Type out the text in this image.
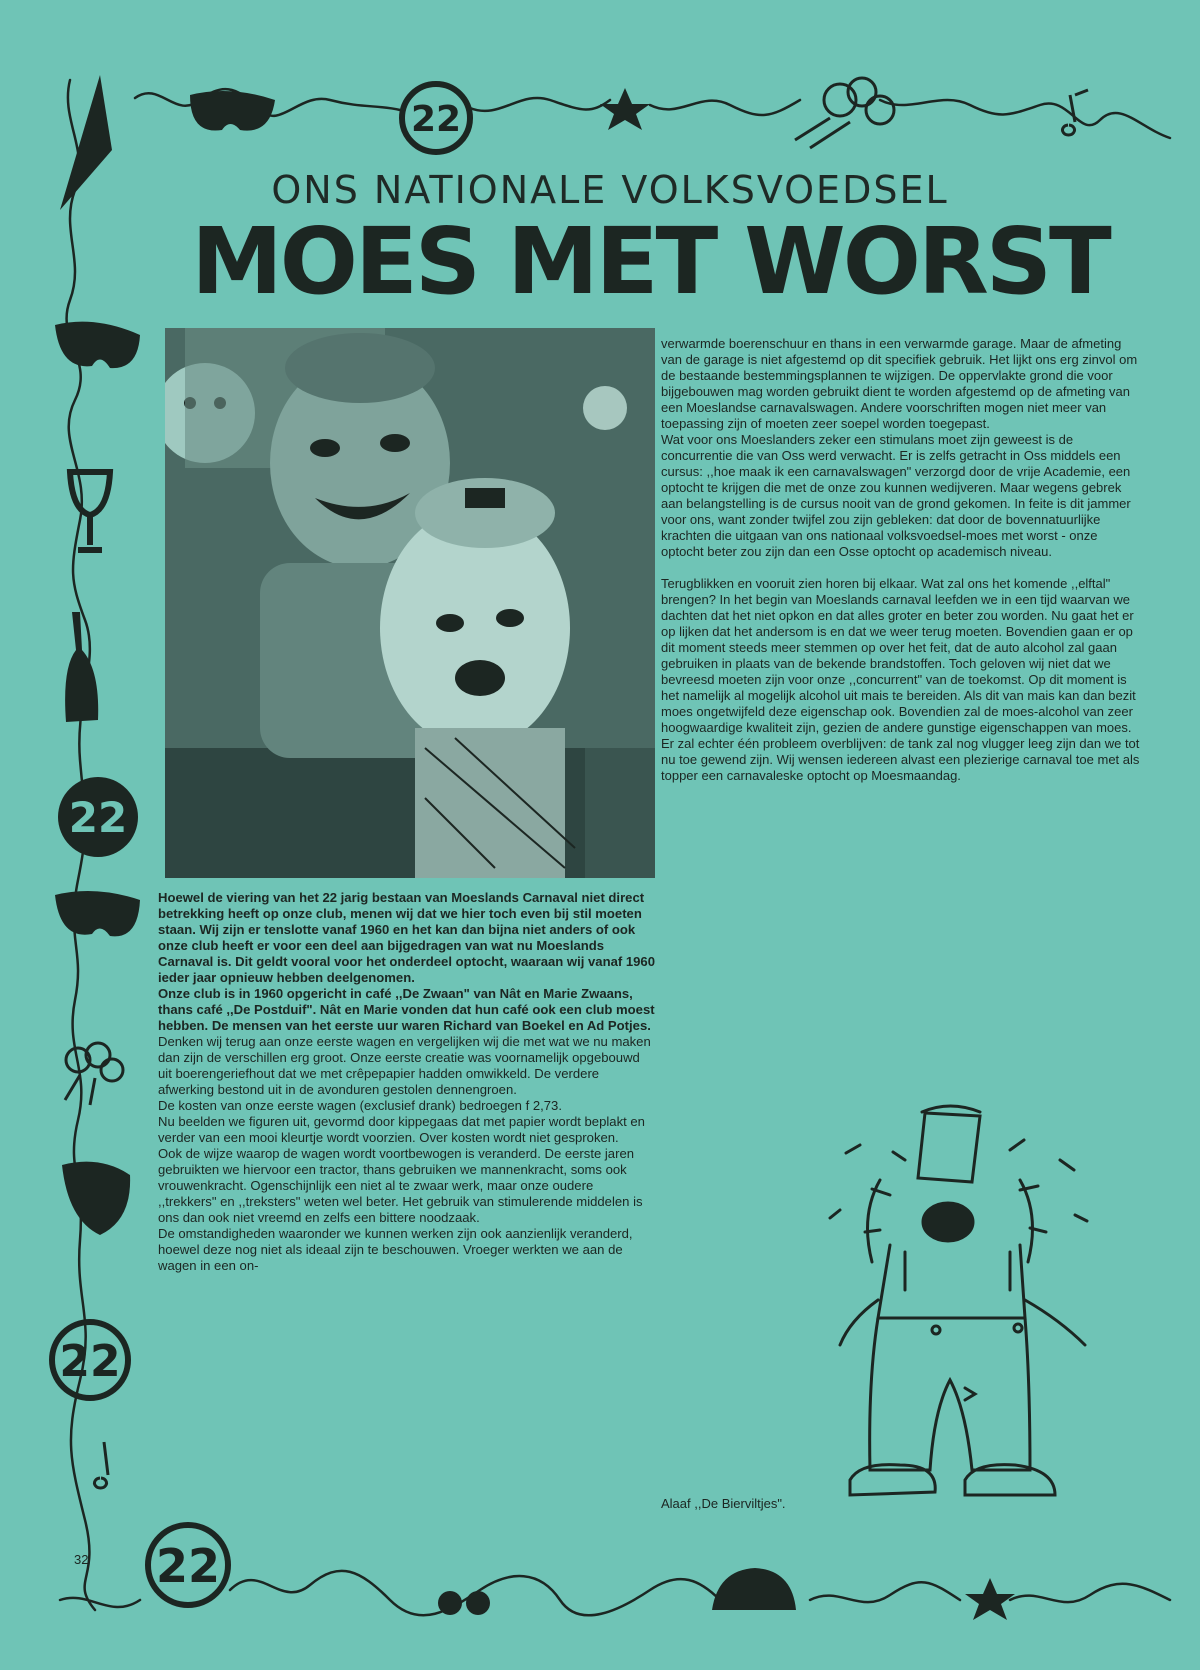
22
22
22
22
ONS NATIONALE VOLKSVOEDSEL
MOES MET WORST

Hoewel de viering van het 22 jarig bestaan van Moeslands Carnaval niet direct betrekking heeft op onze club, menen wij dat we hier toch even bij stil moeten staan. Wij zijn er tenslotte vanaf 1960 en het kan dan bijna niet anders of ook onze club heeft er voor een deel aan bijgedragen van wat nu Moeslands Carnaval is. Dit geldt vooral voor het onderdeel optocht, waaraan wij vanaf 1960 ieder jaar opnieuw hebben deelgenomen.

Onze club is in 1960 opgericht in café ,,De Zwaan" van Nât en Marie Zwaans, thans café ,,De Postduif". Nât en Marie vonden dat hun café ook een club moest hebben. De mensen van het eerste uur waren Richard van Boekel en Ad Potjes.

Denken wij terug aan onze eerste wagen en vergelijken wij die met wat we nu maken dan zijn de verschillen erg groot. Onze eerste creatie was voornamelijk opgebouwd uit boerengeriefhout dat we met crêpepapier hadden omwikkeld. De verdere afwerking bestond uit in de avonduren gestolen dennengroen.

De kosten van onze eerste wagen (exclusief drank) bedroegen f 2,73.

Nu beelden we figuren uit, gevormd door kippegaas dat met papier wordt beplakt en verder van een mooi kleurtje wordt voorzien. Over kosten wordt niet gesproken.

Ook de wijze waarop de wagen wordt voortbewogen is veranderd. De eerste jaren gebruikten we hiervoor een tractor, thans gebruiken we mannenkracht, soms ook vrouwenkracht. Ogenschijnlijk een niet al te zwaar werk, maar onze oudere ,,trekkers" en ,,treksters" weten wel beter. Het gebruik van stimulerende middelen is ons dan ook niet vreemd en zelfs een bittere noodzaak.

De omstandigheden waaronder we kunnen werken zijn ook aanzienlijk veranderd, hoewel deze nog niet als ideaal zijn te beschouwen. Vroeger werkten we aan de wagen in een on-

verwarmde boerenschuur en thans in een verwarmde garage. Maar de afmeting van de garage is niet afgestemd op dit specifiek gebruik. Het lijkt ons erg zinvol om de bestaande bestemmingsplannen te wijzigen. De oppervlakte grond die voor bijgebouwen mag worden gebruikt dient te worden afgestemd op de afmeting van een Moeslandse carnavalswagen. Andere voorschriften mogen niet meer van toepassing zijn of moeten zeer soepel worden toegepast.

Wat voor ons Moeslanders zeker een stimulans moet zijn geweest is de concurrentie die van Oss werd verwacht. Er is zelfs getracht in Oss middels een cursus: ,,hoe maak ik een carnavalswagen" verzorgd door de vrije Academie, een optocht te krijgen die met de onze zou kunnen wedijveren. Maar wegens gebrek aan belangstelling is de cursus nooit van de grond gekomen. In feite is dit jammer voor ons, want zonder twijfel zou zijn gebleken: dat door de bovennatuurlijke krachten die uitgaan van ons nationaal volksvoedsel-moes met worst - onze optocht beter zou zijn dan een Osse optocht op academisch niveau.

Terugblikken en vooruit zien horen bij elkaar. Wat zal ons het komende ,,elftal" brengen? In het begin van Moeslands carnaval leefden we in een tijd waarvan we dachten dat het niet opkon en dat alles groter en beter zou worden. Nu gaat het er op lijken dat het andersom is en dat we weer terug moeten. Bovendien gaan er op dit moment steeds meer stemmen op over het feit, dat de auto alcohol zal gaan gebruiken in plaats van de bekende brandstoffen. Toch geloven wij niet dat we bevreesd moeten zijn voor onze ,,concurrent" van de toekomst. Op dit moment is het namelijk al mogelijk alcohol uit mais te bereiden. Als dit van mais kan dan bezit moes ongetwijfeld deze eigenschap ook. Bovendien zal de moes-alcohol van zeer hoogwaardige kwaliteit zijn, gezien de andere gunstige eigenschappen van moes. Er zal echter één probleem overblijven: de tank zal nog vlugger leeg zijn dan we tot nu toe gewend zijn. Wij wensen iedereen alvast een plezierige carnaval toe met als topper een carnavaleske optocht op Moesmaandag.

Alaaf ,,De Bierviltjes".
32
